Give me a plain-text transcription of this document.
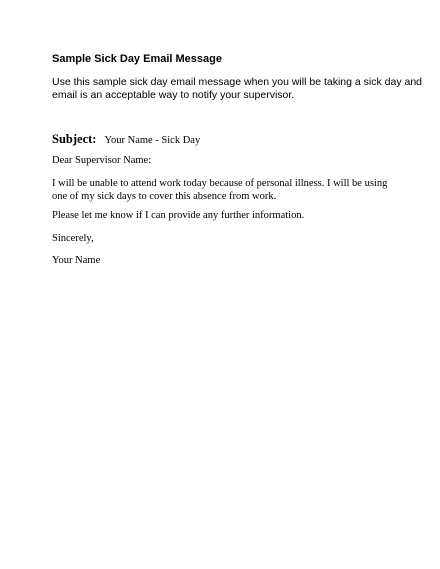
Sample Sick Day Email Message
Use this sample sick day email message when you will be taking a sick day and
email is an acceptable way to notify your supervisor.
Subject: Your Name - Sick Day
Dear Supervisor Name:
I will be unable to attend work today because of personal illness. I will be using
one of my sick days to cover this absence from work.
Please let me know if I can provide any further information.
Sincerely,
Your Name
